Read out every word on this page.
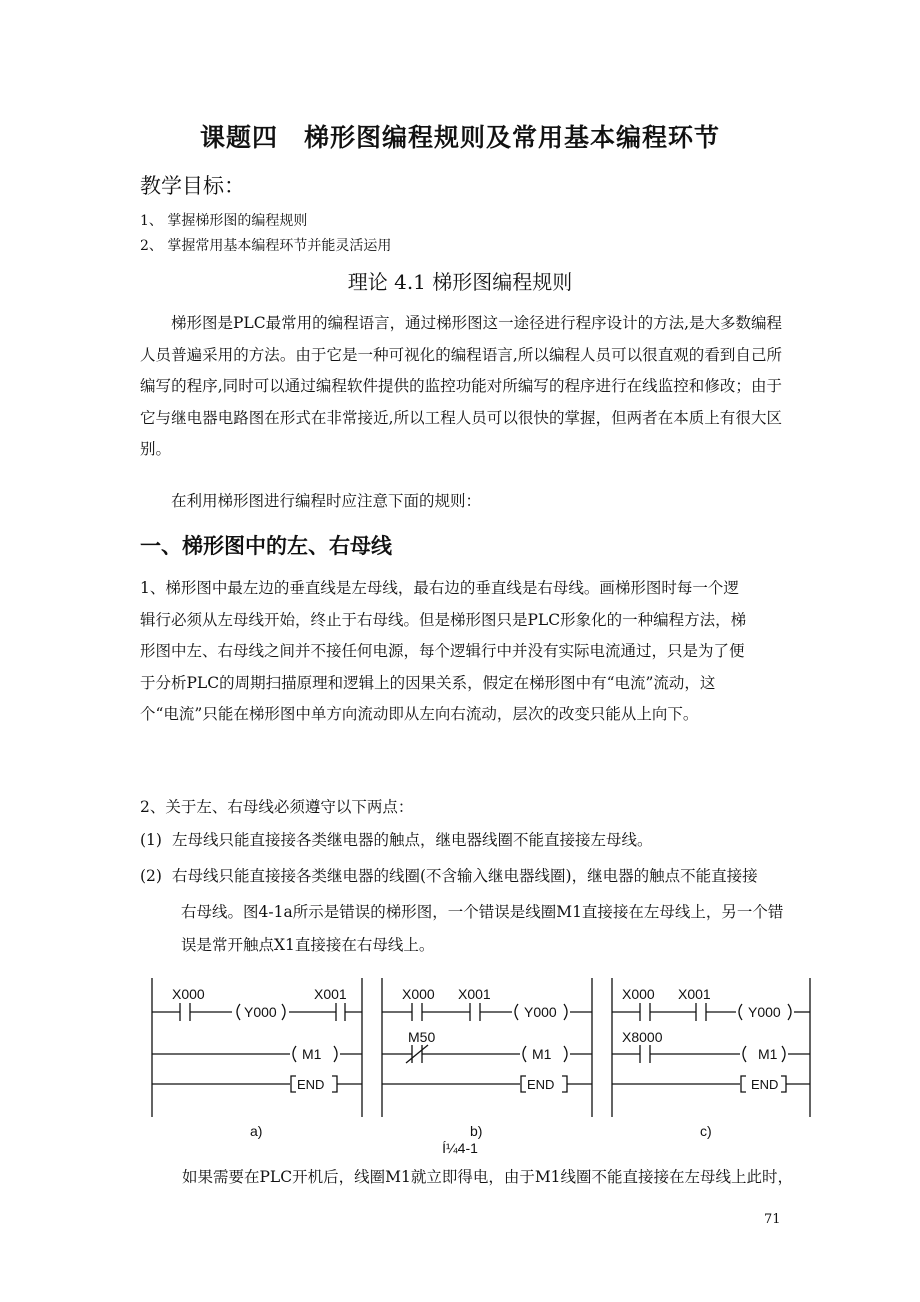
课题四 梯形图编程规则及常用基本编程环节
教学目标：
1、 掌握梯形图的编程规则
2、 掌握常用基本编程环节并能灵活运用
理论 4.1 梯形图编程规则

梯形图是PLC最常用的编程语言，通过梯形图这一途径进行程序设计的方法,是大多数编程人员普遍采用的方法。由于它是一种可视化的编程语言,所以编程人员可以很直观的看到自己所编写的程序,同时可以通过编程软件提供的监控功能对所编写的程序进行在线监控和修改；由于它与继电器电路图在形式在非常接近,所以工程人员可以很快的掌握，但两者在本质上有很大区别。

在利用梯形图进行编程时应注意下面的规则：

一、梯形图中的左、右母线

1、梯形图中最左边的垂直线是左母线，最右边的垂直线是右母线。画梯形图时每一个逻辑行必须从左母线开始，终止于右母线。但是梯形图只是PLC形象化的一种编程方法，梯形图中左、右母线之间并不接任何电源，每个逻辑行中并没有实际电流通过，只是为了便于分析PLC的周期扫描原理和逻辑上的因果关系，假定在梯形图中有“电流”流动，这个“电流”只能在梯形图中单方向流动即从左向右流动，层次的改变只能从上向下。

2、关于左、右母线必须遵守以下两点：

(1) 左母线只能直接接各类继电器的触点，继电器线圈不能直接接左母线。
(2) 右母线只能直接接各类继电器的线圈(不含输入继电器线圈)，继电器的触点不能直接接

右母线。图4-1a所示是错误的梯形图，一个错误是线圈M1直接接在左母线上，另一个错误是常开触点X1直接接在右母线上。

X000
Y000
X001
M1
END
a)
X000 X001
Y000
M50
M1
END
b)
X000 X001
Y000
X8000
M1
END
c)
Í¼4-1
如果需要在PLC开机后，线圈M1就立即得电，由于M1线圈不能直接接在左母线上此时，
71
